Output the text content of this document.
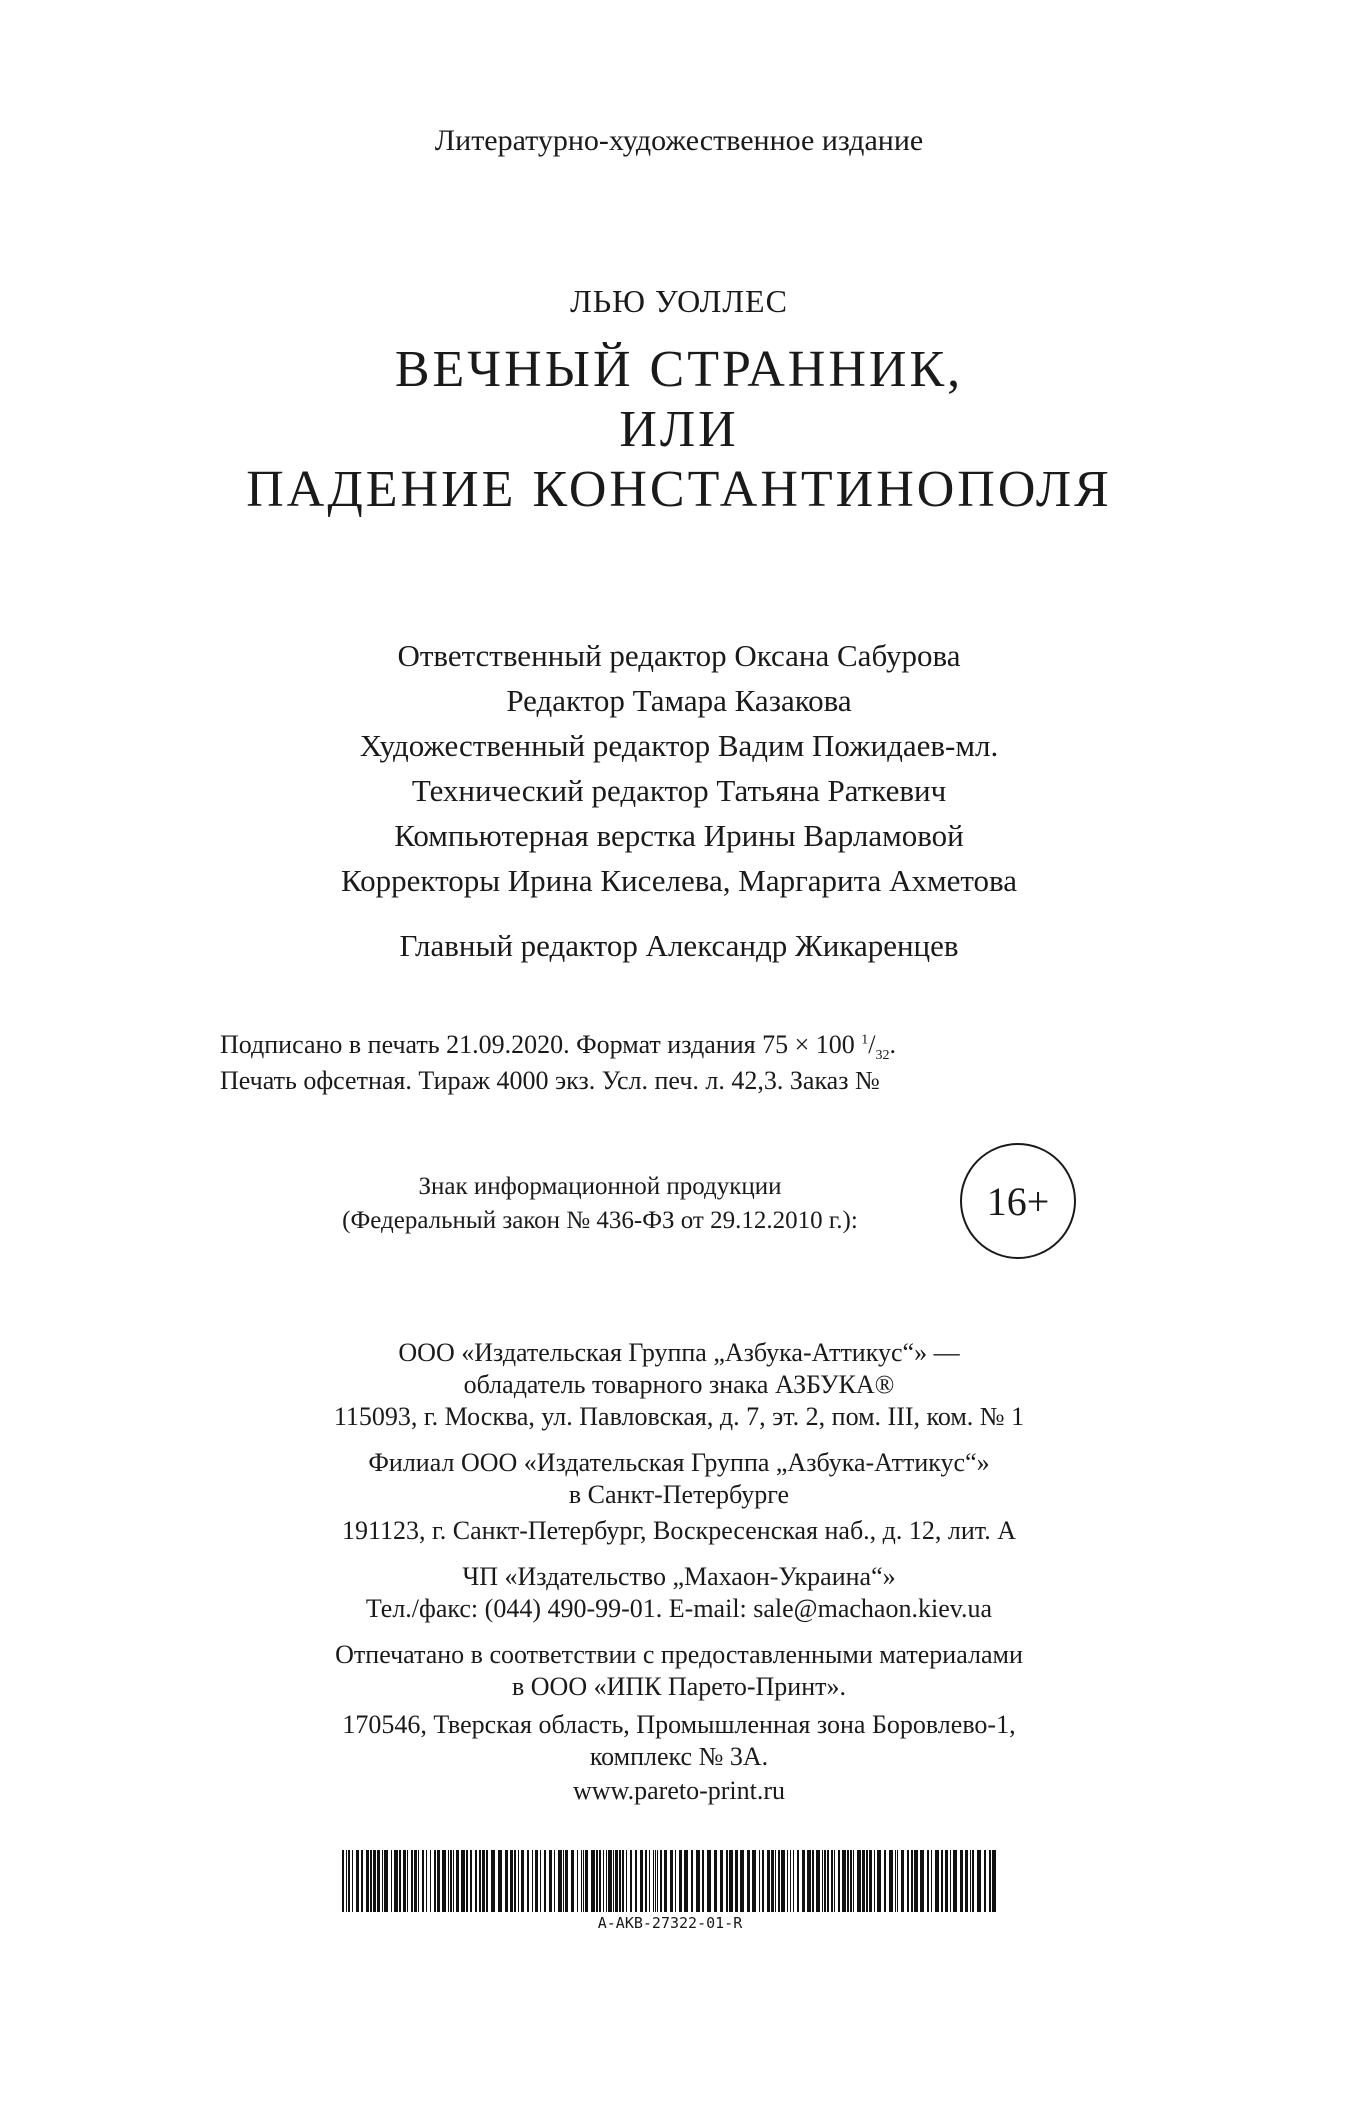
Литературно-художественное издание
ЛЬЮ УОЛЛЕС
ВЕЧНЫЙ СТРАННИК,
ИЛИ
ПАДЕНИЕ КОНСТАНТИНОПОЛЯ
Ответственный редактор Оксана Сабурова
Редактор Тамара Казакова
Художественный редактор Вадим Пожидаев-мл.
Технический редактор Татьяна Раткевич
Компьютерная верстка Ирины Варламовой
Корректоры Ирина Киселева, Маргарита Ахметова
Главный редактор Александр Жикаренцев
Подписано в печать 21.09.2020. Формат издания 75 × 100 $^1/_{32}$.
Печать офсетная. Тираж 4000 экз. Усл. печ. л. 42,3. Заказ №
Знак информационной продукции
(Федеральный закон № 436-ФЗ от 29.12.2010 г.):	16+
ООО «Издательская Группа „Азбука-Аттикус“» —
обладатель товарного знака АЗБУКА®
115093, г. Москва, ул. Павловская, д. 7, эт. 2, пом. III, ком. № 1
Филиал ООО «Издательская Группа „Азбука-Аттикус“»
в Санкт-Петербурге
191123, г. Санкт-Петербург, Воскресенская наб., д. 12, лит. А
ЧП «Издательство „Махаон-Украина“»
Тел./факс: (044) 490-99-01. E-mail: sale@machaon.kiev.ua
Отпечатано в соответствии с предоставленными материалами
в ООО «ИПК Парето-Принт».
170546, Тверская область, Промышленная зона Боровлево-1,
комплекс № 3А.
www.pareto-print.ru
A-AKB-27322-01-R
